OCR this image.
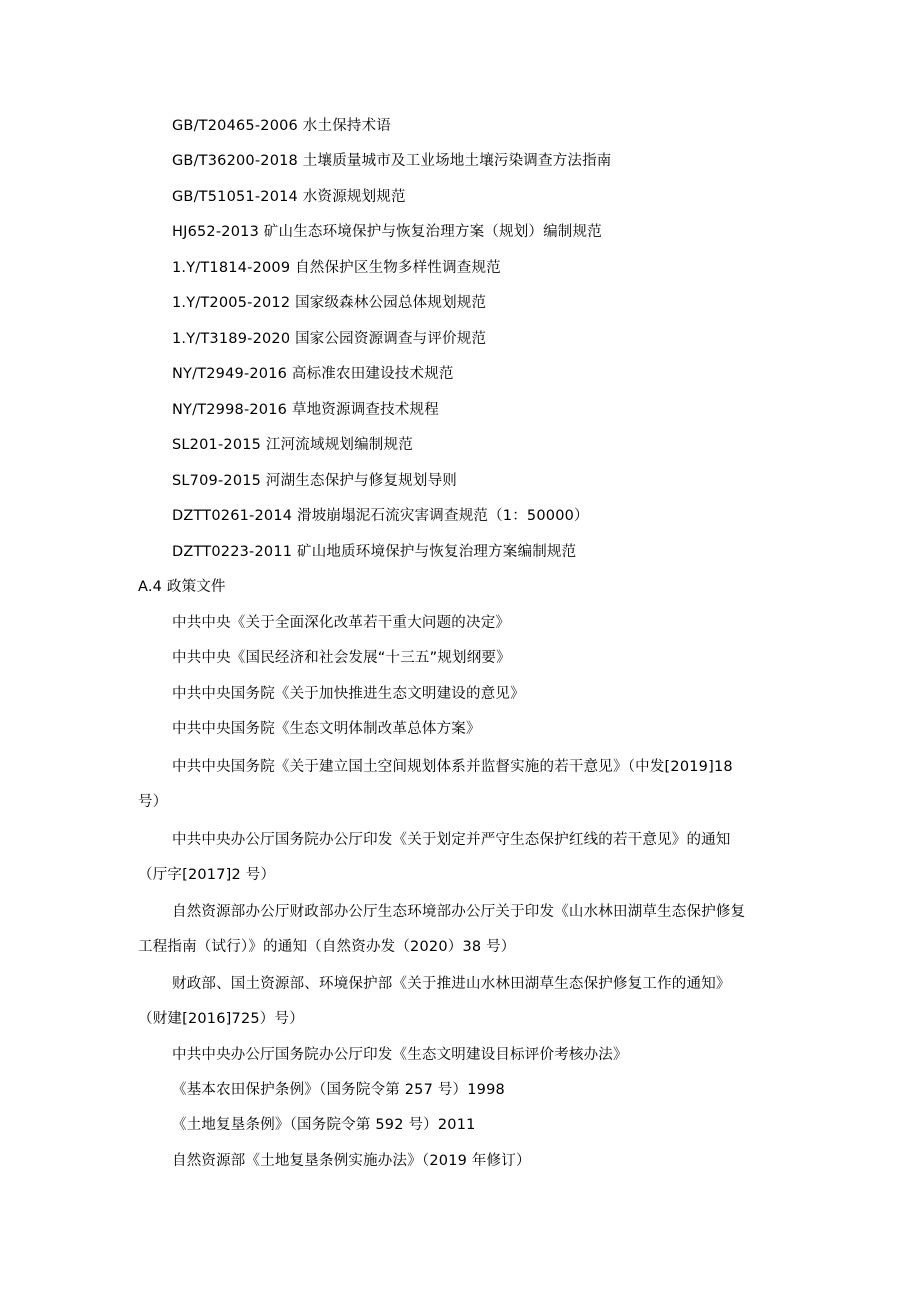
GB/T20465-2006 水土保持术语
GB/T36200-2018 土壤质量城市及工业场地土壤污染调查方法指南
GB/T51051-2014 水资源规划规范
HJ652-2013 矿山生态环境保护与恢复治理方案（规划）编制规范
1.Y/T1814-2009 自然保护区生物多样性调查规范
1.Y/T2005-2012 国家级森林公园总体规划规范
1.Y/T3189-2020 国家公园资源调查与评价规范
NY/T2949-2016 高标准农田建设技术规范
NY/T2998-2016 草地资源调查技术规程
SL201-2015 江河流域规划编制规范
SL709-2015 河湖生态保护与修复规划导则
DZTT0261-2014 滑坡崩塌泥石流灾害调查规范（1：50000）
DZTT0223-2011 矿山地质环境保护与恢复治理方案编制规范
A.4 政策文件
中共中央《关于全面深化改革若干重大问题的决定》
中共中央《国民经济和社会发展“十三五”规划纲要》
中共中央国务院《关于加快推进生态文明建设的意见》
中共中央国务院《生态文明体制改革总体方案》
中共中央国务院《关于建立国土空间规划体系并监督实施的若干意见》（中发[2019]18
号）
中共中央办公厅国务院办公厅印发《关于划定并严守生态保护红线的若干意见》的通知
（厅字[2017]2 号）
自然资源部办公厅财政部办公厅生态环境部办公厅关于印发《山水林田湖草生态保护修复
工程指南（试行）》的通知（自然资办发（2020）38 号）
财政部、国土资源部、环境保护部《关于推进山水林田湖草生态保护修复工作的通知》
（财建[2016]725）号）
中共中央办公厅国务院办公厅印发《生态文明建设目标评价考核办法》
《基本农田保护条例》（国务院令第 257 号）1998
《土地复垦条例》（国务院令第 592 号）2011
自然资源部《土地复垦条例实施办法》（2019 年修订）
